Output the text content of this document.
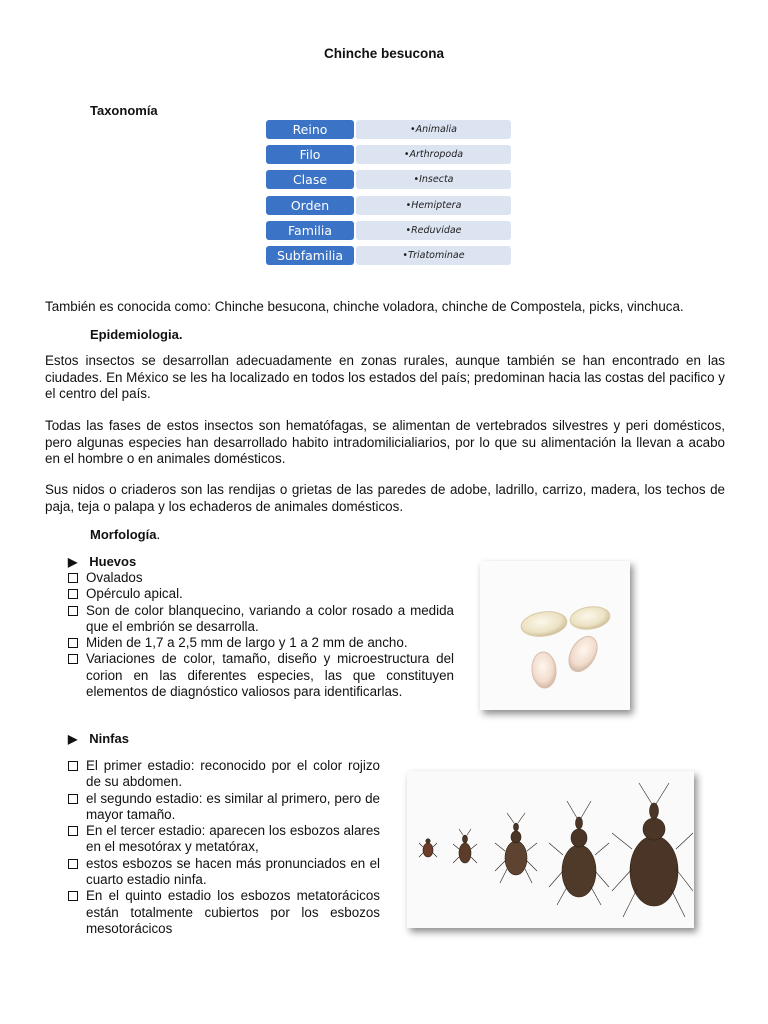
Chinche besucona
Taxonomía
Reino	•Animalia
Filo	•Arthropoda
Clase	•Insecta
Orden	•Hemiptera
Familia	•Reduvidae
Subfamilia	•Triatominae
También es conocida como: Chinche besucona, chinche voladora, chinche de Compostela, picks, vinchuca.
Epidemiologia.
Estos insectos se desarrollan adecuadamente en zonas rurales, aunque también se han encontrado en las ciudades. En México se les ha localizado en todos los estados del país; predominan hacia las costas del pacifico y el centro del país.
Todas las fases de estos insectos son hematófagas, se alimentan de vertebrados silvestres y peri domésticos, pero algunas especies han desarrollado habito intradomilicialiarios, por lo que su alimentación la llevan a acabo en el hombre o en animales domésticos.
Sus nidos o criaderos son las rendijas o grietas de las paredes de adobe, ladrillo, carrizo, madera, los techos de paja, teja o palapa y los echaderos de animales domésticos.
Morfología.
▶ Huevos
Ovalados
Opérculo apical.
Son de color blanquecino, variando a color rosado a medida que el embrión se desarrolla.
Miden de 1,7 a 2,5 mm de largo y 1 a 2 mm de ancho.
Variaciones de color, tamaño, diseño y microestructura del corion en las diferentes especies, las que constituyen elementos de diagnóstico valiosos para identificarlas.
▶ Ninfas
El primer estadio: reconocido por el color rojizo de su abdomen.
el segundo estadio: es similar al primero, pero de mayor tamaño.
En el tercer estadio: aparecen los esbozos alares en el mesotórax y metatórax,
estos esbozos se hacen más pronunciados en el cuarto estadio ninfa.
En el quinto estadio los esbozos metatorácicos están totalmente cubiertos por los esbozos mesotorácicos
